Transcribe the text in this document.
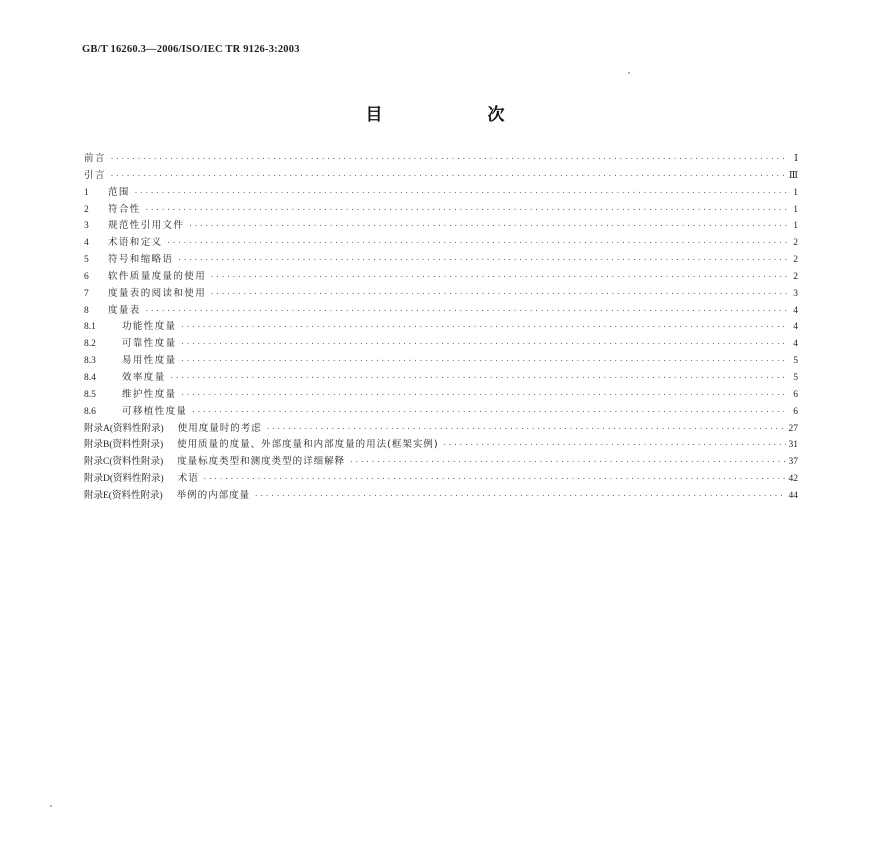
GB/T 16260.3—2006/ISO/IEC TR 9126-3:2003
目　次
前言 ·····	Ⅰ
引言 ·····	Ⅲ
1	范围 ·····	1
2	符合性 ·····	1
3	规范性引用文件 ·····	1
4	术语和定义 ·····	2
5	符号和缩略语 ·····	2
6	软件质量度量的使用 ·····	2
7	度量表的阅读和使用 ·····	3
8	度量表 ·····	4
8.1	功能性度量 ·····	4
8.2	可靠性度量 ·····	4
8.3	易用性度量 ·····	5
8.4	效率度量 ·····	5
8.5	维护性度量 ·····	6
8.6	可移植性度量 ·····	6
附录A(资料性附录) 使用度量时的考虑 ·····	27
附录B(资料性附录) 使用质量的度量、外部度量和内部度量的用法(框架实例) ·····	31
附录C(资料性附录) 度量标度类型和测度类型的详细解释 ·····	37
附录D(资料性附录) 术语 ·····	42
附录E(资料性附录) 举例的内部度量 ·····	44
